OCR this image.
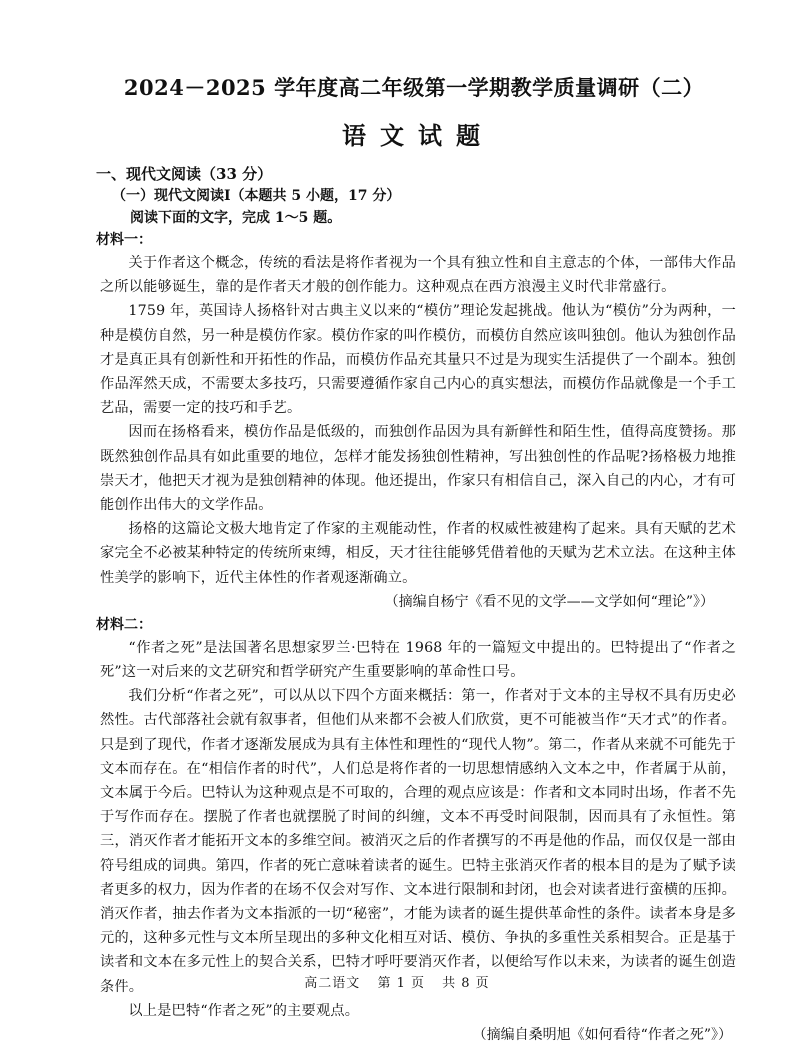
2024－2025 学年度高二年级第一学期教学质量调研（二）
语文试题

一、现代文阅读（33 分）

（一）现代文阅读Ⅰ（本题共 5 小题，17 分）

阅读下面的文字，完成 1～5 题。

材料一：

关于作者这个概念，传统的看法是将作者视为一个具有独立性和自主意志的个体，一部伟大作品之所以能够诞生，靠的是作者天才般的创作能力。这种观点在西方浪漫主义时代非常盛行。

1759 年，英国诗人扬格针对古典主义以来的“模仿”理论发起挑战。他认为“模仿”分为两种，一种是模仿自然，另一种是模仿作家。模仿作家的叫作模仿，而模仿自然应该叫独创。他认为独创作品才是真正具有创新性和开拓性的作品，而模仿作品充其量只不过是为现实生活提供了一个副本。独创作品浑然天成，不需要太多技巧，只需要遵循作家自己内心的真实想法，而模仿作品就像是一个手工艺品，需要一定的技巧和手艺。

因而在扬格看来，模仿作品是低级的，而独创作品因为具有新鲜性和陌生性，值得高度赞扬。那既然独创作品具有如此重要的地位，怎样才能发扬独创性精神，写出独创性的作品呢?扬格极力地推崇天才，他把天才视为是独创精神的体现。他还提出，作家只有相信自己，深入自己的内心，才有可能创作出伟大的文学作品。

扬格的这篇论文极大地肯定了作家的主观能动性，作者的权威性被建构了起来。具有天赋的艺术家完全不必被某种特定的传统所束缚，相反，天才往往能够凭借着他的天赋为艺术立法。在这种主体性美学的影响下，近代主体性的作者观逐渐确立。

（摘编自杨宁《看不见的文学——文学如何“理论”》）

材料二：

“作者之死”是法国著名思想家罗兰·巴特在 1968 年的一篇短文中提出的。巴特提出了“作者之死”这一对后来的文艺研究和哲学研究产生重要影响的革命性口号。

我们分析“作者之死”，可以从以下四个方面来概括：第一，作者对于文本的主导权不具有历史必然性。古代部落社会就有叙事者，但他们从来都不会被人们欣赏，更不可能被当作“天才式”的作者。只是到了现代，作者才逐渐发展成为具有主体性和理性的“现代人物”。第二，作者从来就不可能先于文本而存在。在“相信作者的时代”，人们总是将作者的一切思想情感纳入文本之中，作者属于从前，文本属于今后。巴特认为这种观点是不可取的，合理的观点应该是：作者和文本同时出场，作者不先于写作而存在。摆脱了作者也就摆脱了时间的纠缠，文本不再受时间限制，因而具有了永恒性。第三，消灭作者才能拓开文本的多维空间。被消灭之后的作者撰写的不再是他的作品，而仅仅是一部由符号组成的词典。第四，作者的死亡意味着读者的诞生。巴特主张消灭作者的根本目的是为了赋予读者更多的权力，因为作者的在场不仅会对写作、文本进行限制和封闭，也会对读者进行蛮横的压抑。消灭作者，抽去作者为文本指派的一切“秘密”，才能为读者的诞生提供革命性的条件。读者本身是多元的，这种多元性与文本所呈现出的多种文化相互对话、模仿、争执的多重性关系相契合。正是基于读者和文本在多元性上的契合关系，巴特才呼吁要消灭作者，以便给写作以未来，为读者的诞生创造条件。

以上是巴特“作者之死”的主要观点。

（摘编自桑明旭《如何看待“作者之死”》）

高二语文 第 1 页 共 8 页
